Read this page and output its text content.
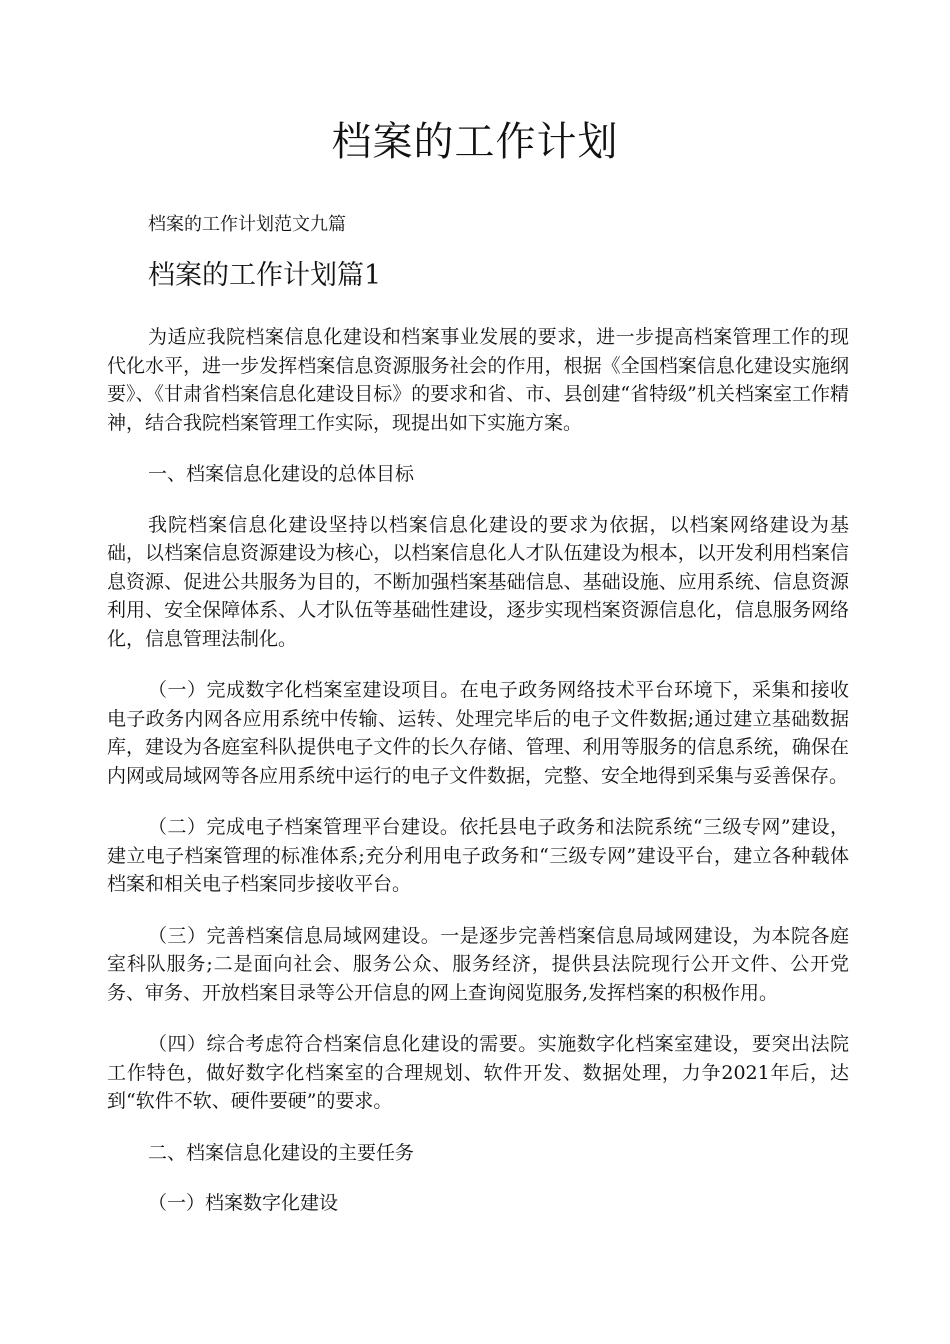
档案的工作计划
档案的工作计划范文九篇
档案的工作计划篇1

为适应我院档案信息化建设和档案事业发展的要求，进一步提高档案管理工作的现代化水平，进一步发挥档案信息资源服务社会的作用，根据《全国档案信息化建设实施纲要》、《甘肃省档案信息化建设目标》的要求和省、市、县创建“省特级”机关档案室工作精神，结合我院档案管理工作实际，现提出如下实施方案。

一、档案信息化建设的总体目标

我院档案信息化建设坚持以档案信息化建设的要求为依据，以档案网络建设为基础，以档案信息资源建设为核心，以档案信息化人才队伍建设为根本，以开发利用档案信息资源、促进公共服务为目的，不断加强档案基础信息、基础设施、应用系统、信息资源利用、安全保障体系、人才队伍等基础性建设，逐步实现档案资源信息化，信息服务网络化，信息管理法制化。

（一）完成数字化档案室建设项目。在电子政务网络技术平台环境下，采集和接收电子政务内网各应用系统中传输、运转、处理完毕后的电子文件数据;通过建立基础数据库，建设为各庭室科队提供电子文件的长久存储、管理、利用等服务的信息系统，确保在内网或局域网等各应用系统中运行的电子文件数据，完整、安全地得到采集与妥善保存。

（二）完成电子档案管理平台建设。依托县电子政务和法院系统“三级专网”建设，建立电子档案管理的标准体系;充分利用电子政务和“三级专网”建设平台，建立各种载体档案和相关电子档案同步接收平台。

（三）完善档案信息局域网建设。一是逐步完善档案信息局域网建设，为本院各庭室科队服务;二是面向社会、服务公众、服务经济，提供县法院现行公开文件、公开党务、审务、开放档案目录等公开信息的网上查询阅览服务,发挥档案的积极作用。

（四）综合考虑符合档案信息化建设的需要。实施数字化档案室建设，要突出法院工作特色，做好数字化档案室的合理规划、软件开发、数据处理，力争2021年后，达到“软件不软、硬件要硬”的要求。

二、档案信息化建设的主要任务

（一）档案数字化建设
